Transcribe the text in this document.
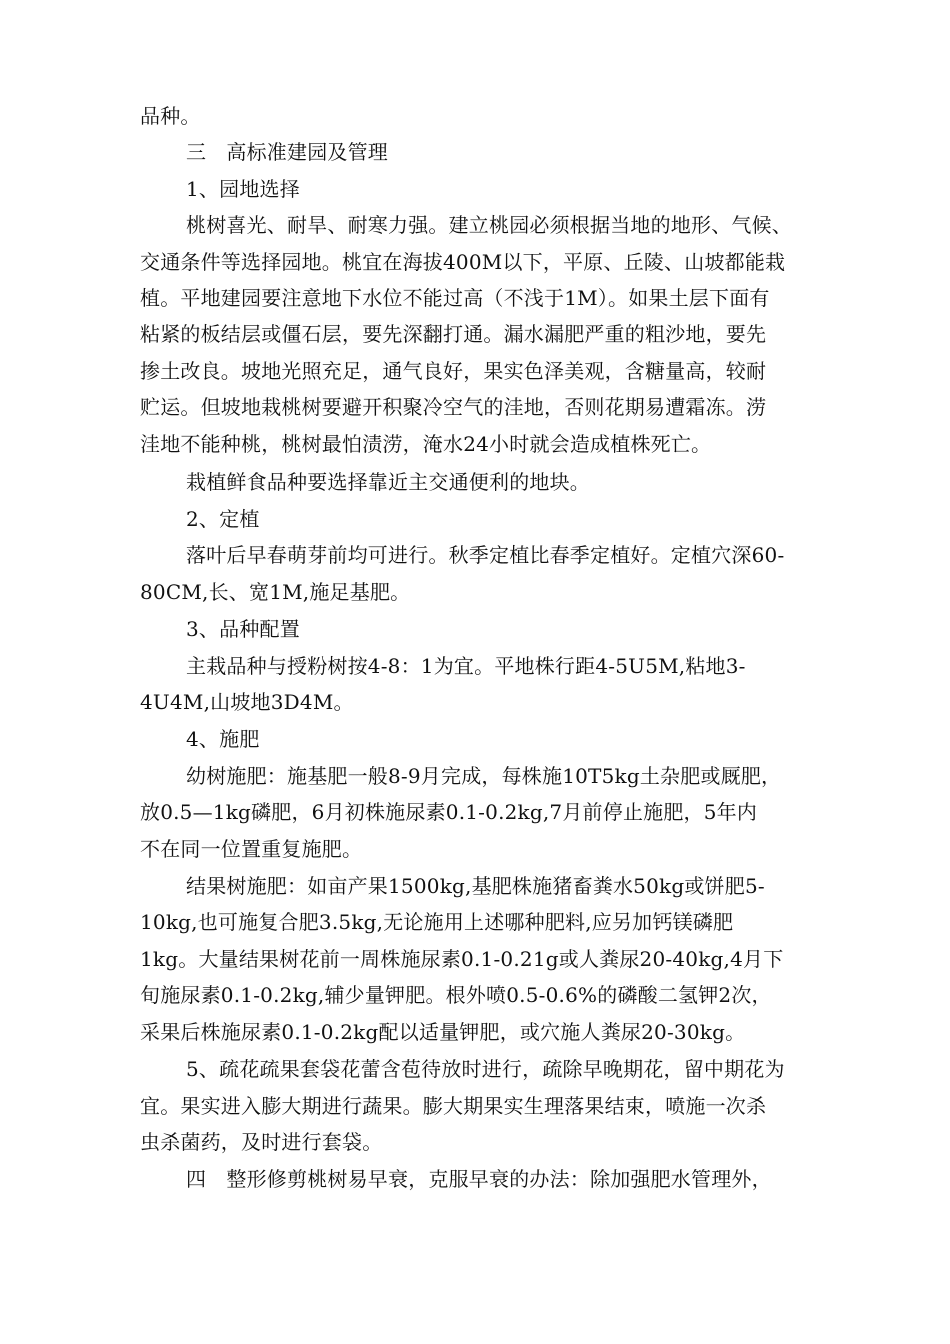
品种。
三　高标准建园及管理
1、园地选择
桃树喜光、耐旱、耐寒力强。建立桃园必须根据当地的地形、气候、
交通条件等选择园地。桃宜在海拔400M以下，平原、丘陵、山坡都能栽
植。平地建园要注意地下水位不能过高（不浅于1M）。如果土层下面有
粘紧的板结层或僵石层，要先深翻打通。漏水漏肥严重的粗沙地，要先
掺土改良。坡地光照充足，通气良好，果实色泽美观，含糖量高，较耐
贮运。但坡地栽桃树要避开积聚冷空气的洼地，否则花期易遭霜冻。涝
洼地不能种桃，桃树最怕渍涝，淹水24小时就会造成植株死亡。
栽植鲜食品种要选择靠近主交通便利的地块。
2、定植
落叶后早春萌芽前均可进行。秋季定植比春季定植好。定植穴深60-
80CM,长、宽1M,施足基肥。
3、品种配置
主栽品种与授粉树按4-8：1为宜。平地株行距4-5U5M,粘地3-
4U4M,山坡地3D4M。
4、施肥
幼树施肥：施基肥一般8-9月完成，每株施10T5kg土杂肥或厩肥，
放0.5—1kg磷肥，6月初株施尿素0.1-0.2kg,7月前停止施肥，5年内
不在同一位置重复施肥。
结果树施肥：如亩产果1500kg,基肥株施猪畜粪水50kg或饼肥5-
10kg,也可施复合肥3.5kg,无论施用上述哪种肥料,应另加钙镁磷肥
1kg。大量结果树花前一周株施尿素0.1-0.21g或人粪尿20-40kg,4月下
旬施尿素0.1-0.2kg,辅少量钾肥。根外喷0.5-0.6%的磷酸二氢钾2次，
采果后株施尿素0.1-0.2kg配以适量钾肥，或穴施人粪尿20-30kg。
5、疏花疏果套袋花蕾含苞待放时进行，疏除早晚期花，留中期花为
宜。果实进入膨大期进行蔬果。膨大期果实生理落果结束，喷施一次杀
虫杀菌药，及时进行套袋。
四　整形修剪桃树易早衰，克服早衰的办法：除加强肥水管理外，
